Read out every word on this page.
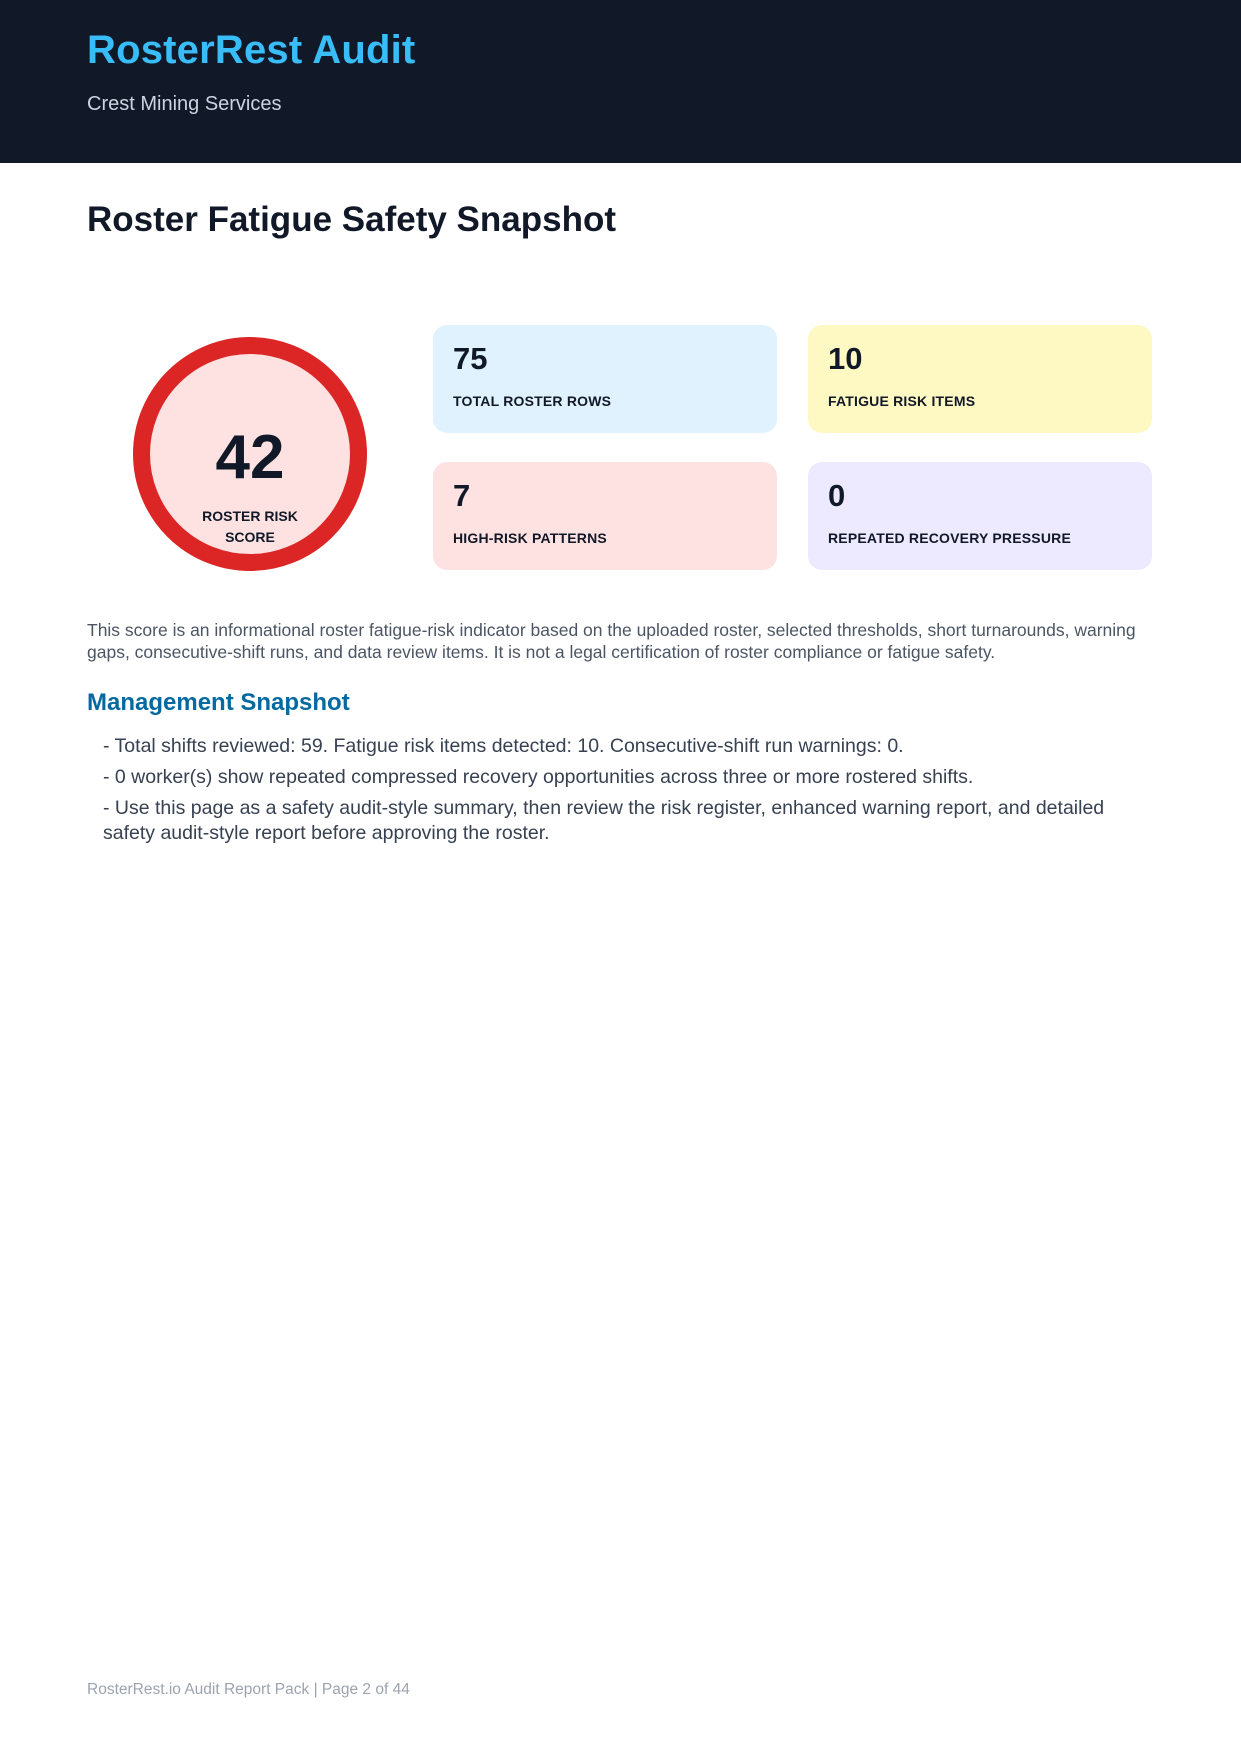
RosterRest Audit
Crest Mining Services
Roster Fatigue Safety Snapshot
42
ROSTER RISK SCORE
75
TOTAL ROSTER ROWS
10
FATIGUE RISK ITEMS
7
HIGH-RISK PATTERNS
0
REPEATED RECOVERY PRESSURE

This score is an informational roster fatigue-risk indicator based on the uploaded roster, selected thresholds, short turnarounds, warning gaps, consecutive-shift runs, and data review items. It is not a legal certification of roster compliance or fatigue safety.

Management Snapshot
- Total shifts reviewed: 59. Fatigue risk items detected: 10. Consecutive-shift run warnings: 0.
- 0 worker(s) show repeated compressed recovery opportunities across three or more rostered shifts.
- Use this page as a safety audit-style summary, then review the risk register, enhanced warning report, and detailed safety audit-style report before approving the roster.
RosterRest.io Audit Report Pack | Page 2 of 44
